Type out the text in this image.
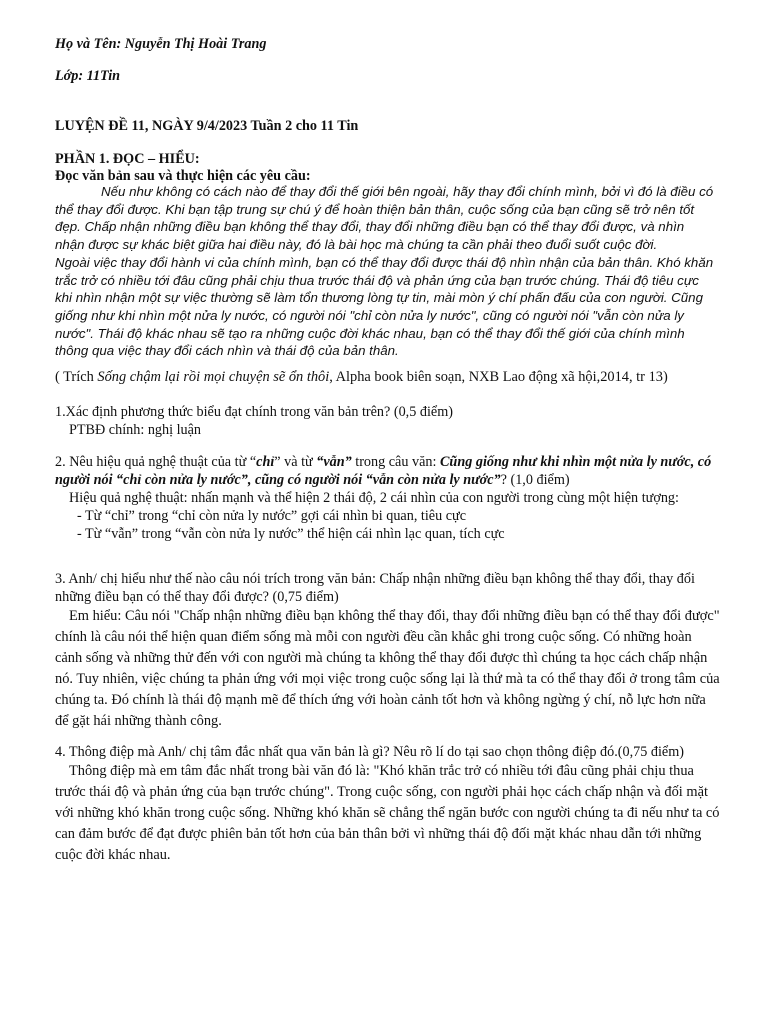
Họ và Tên: Nguyễn Thị Hoài Trang

Lớp: 11Tin

LUYỆN ĐỀ 11, NGÀY 9/4/2023 Tuần 2 cho 11 Tin

PHẦN 1. ĐỌC – HIỂU:

Đọc văn bản sau và thực hiện các yêu cầu:

Nếu như không có cách nào để thay đổi thế giới bên ngoài, hãy thay đổi chính mình, bởi vì đó là điều có thể thay đổi được. Khi bạn tập trung sự chú ý để hoàn thiện bản thân, cuộc sống của bạn cũng sẽ trở nên tốt đẹp. Chấp nhận những điều bạn không thể thay đổi, thay đổi những điều bạn có thể thay đổi được, và nhìn nhận được sự khác biệt giữa hai điều này, đó là bài học mà chúng ta cần phải theo đuổi suốt cuộc đời.

Ngoài việc thay đổi hành vi của chính mình, bạn có thể thay đổi được thái độ nhìn nhận của bản thân. Khó khăn trắc trở có nhiều tới đâu cũng phải chịu thua trước thái độ và phản ứng của bạn trước chúng. Thái độ tiêu cực khi nhìn nhận một sự việc thường sẽ làm tổn thương lòng tự tin, mài mòn ý chí phấn đấu của con người. Cũng giống như khi nhìn một nửa ly nước, có người nói "chỉ còn nửa ly nước", cũng có người nói "vẫn còn nửa ly nước". Thái độ khác nhau sẽ tạo ra những cuộc đời khác nhau, bạn có thể thay đổi thế giới của chính mình thông qua việc thay đổi cách nhìn và thái độ của bản thân.

( Trích Sống chậm lại rồi mọi chuyện sẽ ổn thôi, Alpha book biên soạn, NXB Lao động xã hội,2014, tr 13)

1.Xác định phương thức biểu đạt chính trong văn bản trên? (0,5 điểm)

PTBĐ chính: nghị luận

2. Nêu hiệu quả nghệ thuật của từ “chỉ” và từ “vẫn” trong câu văn: Cũng giống như khi nhìn một nửa ly nước, có người nói “chỉ còn nửa ly nước”, cũng có người nói “vẫn còn nửa ly nước”? (1,0 điểm)

Hiệu quả nghệ thuật: nhấn mạnh và thể hiện 2 thái độ, 2 cái nhìn của con người trong cùng một hiện tượng:

- Từ “chỉ” trong “chỉ còn nửa ly nước” gợi cái nhìn bi quan, tiêu cực

- Từ “vẫn” trong “vẫn còn nửa ly nước” thể hiện cái nhìn lạc quan, tích cực

3. Anh/ chị hiểu như thế nào câu nói trích trong văn bản: Chấp nhận những điều bạn không thể thay đổi, thay đổi những điều bạn có thể thay đổi được? (0,75 điểm)

Em hiểu: Câu nói "Chấp nhận những điều bạn không thể thay đổi, thay đổi những điều bạn có thể thay đổi được" chính là câu nói thể hiện quan điểm sống mà mỗi con người đều cần khắc ghi trong cuộc sống. Có những hoàn cảnh sống và những thử đến với con người mà chúng ta không thể thay đổi được thì chúng ta học cách chấp nhận nó. Tuy nhiên, việc chúng ta phản ứng với mọi việc trong cuộc sống lại là thứ mà ta có thể thay đổi ở trong tâm của chúng ta. Đó chính là thái độ mạnh mẽ để thích ứng với hoàn cảnh tốt hơn và không ngừng ý chí, nỗ lực hơn nữa để gặt hái những thành công.

4. Thông điệp mà Anh/ chị tâm đắc nhất qua văn bản là gì? Nêu rõ lí do tại sao chọn thông điệp đó.(0,75 điểm)

Thông điệp mà em tâm đắc nhất trong bài văn đó là: "Khó khăn trắc trở có nhiều tới đâu cũng phải chịu thua trước thái độ và phản ứng của bạn trước chúng". Trong cuộc sống, con người phải học cách chấp nhận và đối mặt với những khó khăn trong cuộc sống. Những khó khăn sẽ chẳng thể ngăn bước con người chúng ta đi nếu như ta có can đảm bước để đạt được phiên bản tốt hơn của bản thân bởi vì những thái độ đối mặt khác nhau dẫn tới những cuộc đời khác nhau.
